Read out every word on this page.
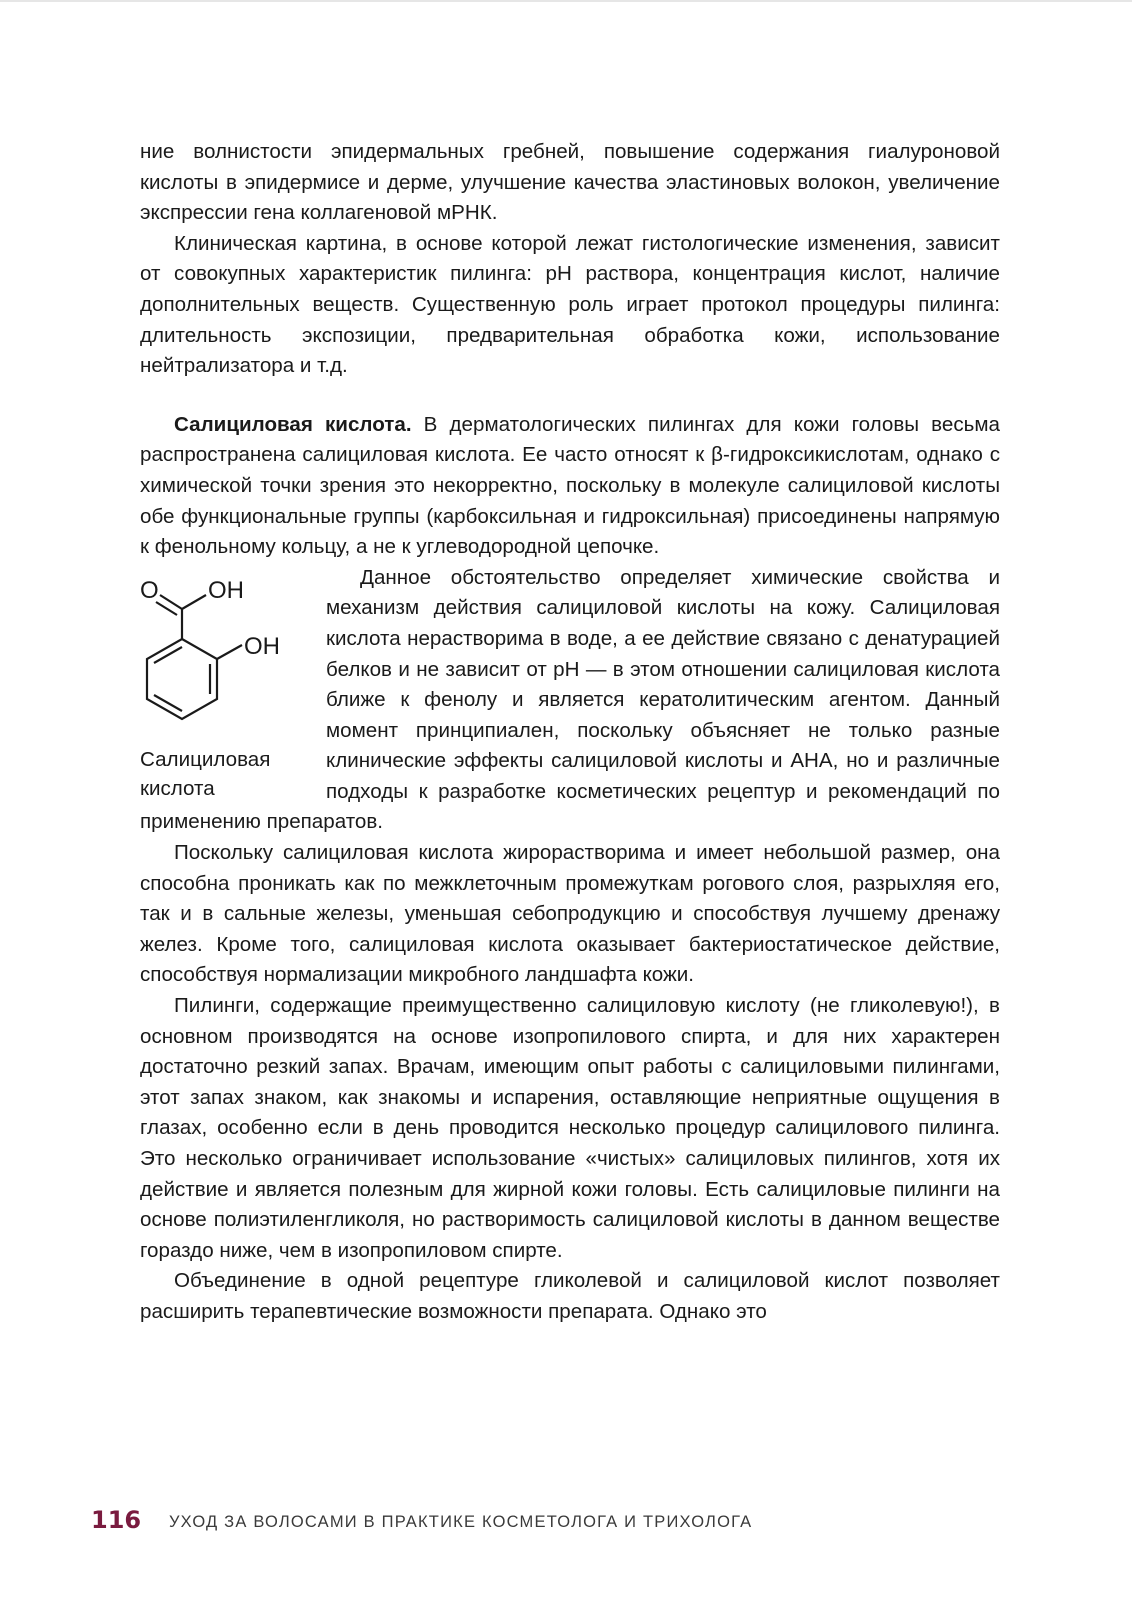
ние волнистости эпидермальных гребней, повышение содержания гиалуроновой кислоты в эпидермисе и дерме, улучшение качества эластиновых волокон, увеличение экспрессии гена коллагеновой мРНК.

Клиническая картина, в основе которой лежат гистологические изменения, зависит от совокупных характеристик пилинга: pH раствора, концентрация кислот, наличие дополнительных веществ. Существенную роль играет протокол процедуры пилинга: длительность экспозиции, предварительная обработка кожи, использование нейтрализатора и т.д.

Салициловая кислота. В дерматологических пилингах для кожи головы весьма распространена салициловая кислота. Ее часто относят к β-гидроксикислотам, однако с химической точки зрения это некорректно, поскольку в молекуле салициловой кислоты обе функциональные группы (карбоксильная и гидроксильная) присоединены напрямую к фенольному кольцу, а не к углеводородной цепочке.

O OH
OH
Салициловая кислота

Данное обстоятельство определяет химические свойства и механизм действия салициловой кислоты на кожу. Салициловая кислота нерастворима в воде, а ее действие связано с денатурацией белков и не зависит от pH — в этом отношении салициловая кислота ближе к фенолу и является кератолитическим агентом. Данный момент принципиален, поскольку объясняет не только разные клинические эффекты салициловой кислоты и АНА, но и различные подходы к разработке косметических рецептур и рекомендаций по применению препаратов.

Поскольку салициловая кислота жирорастворима и имеет небольшой размер, она способна проникать как по межклеточным промежуткам рогового слоя, разрыхляя его, так и в сальные железы, уменьшая себопродукцию и способствуя лучшему дренажу желез. Кроме того, салициловая кислота оказывает бактериостатическое действие, способствуя нормализации микробного ландшафта кожи.

Пилинги, содержащие преимущественно салициловую кислоту (не гликолевую!), в основном производятся на основе изопропилового спирта, и для них характерен достаточно резкий запах. Врачам, имеющим опыт работы с салициловыми пилингами, этот запах знаком, как знакомы и испарения, оставляющие неприятные ощущения в глазах, особенно если в день проводится несколько процедур салицилового пилинга. Это несколько ограничивает использование «чистых» салициловых пилингов, хотя их действие и является полезным для жирной кожи головы. Есть салициловые пилинги на основе полиэтиленгликоля, но растворимость салициловой кислоты в данном веществе гораздо ниже, чем в изопропиловом спирте.

Объединение в одной рецептуре гликолевой и салициловой кислот позволяет расширить терапевтические возможности препарата. Однако это

116 УХОД ЗА ВОЛОСАМИ В ПРАКТИКЕ КОСМЕТОЛОГА И ТРИХОЛОГА
